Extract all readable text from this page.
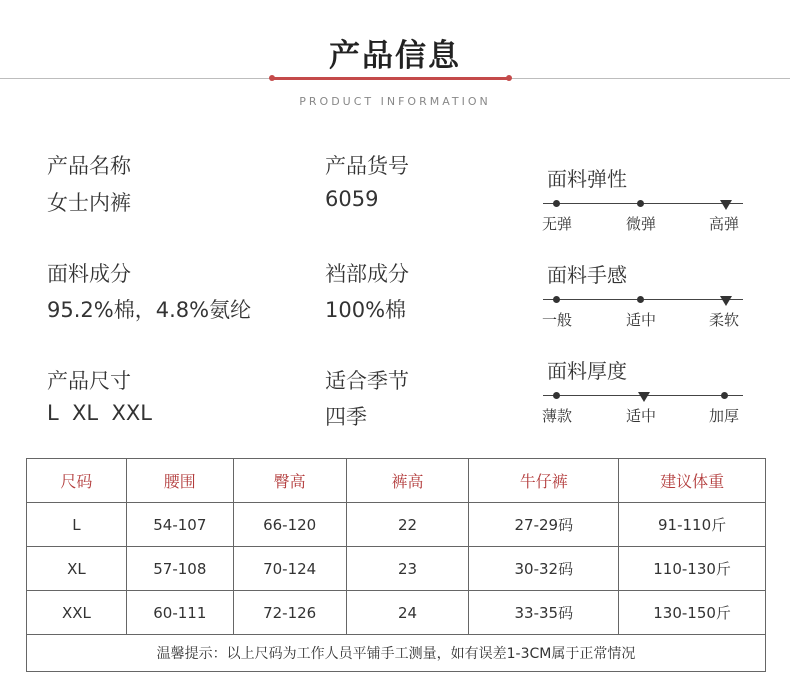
产品信息
PRODUCT INFORMATION
产品名称
女士内裤
产品货号
6059
面料成分
95.2%棉，4.8%氨纶
裆部成分
100%棉
产品尺寸
L  XL  XXL
适合季节
四季
面料弹性
无弹	微弹	高弹
面料手感
一般	适中	柔软
面料厚度
薄款	适中	加厚
尺码	腰围	臀高	裤高	牛仔裤	建议体重
L	54-107	66-120	22	27-29码	91-110斤
XL	57-108	70-124	23	30-32码	110-130斤
XXL	60-111	72-126	24	33-35码	130-150斤
温馨提示：以上尺码为工作人员平铺手工测量，如有误差1-3CM属于正常情况					
